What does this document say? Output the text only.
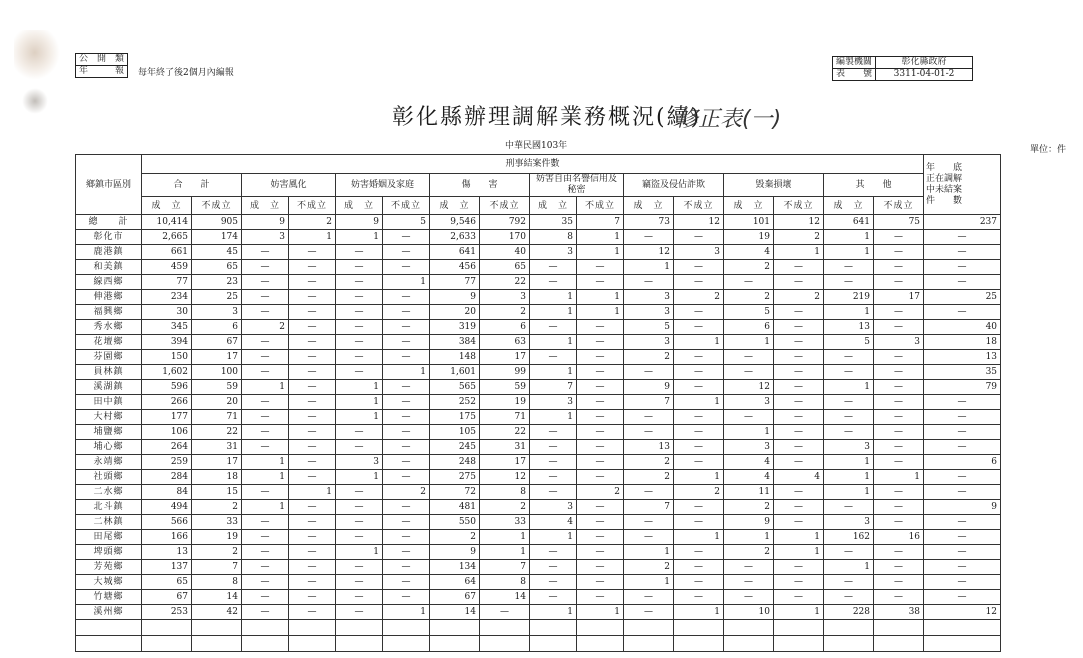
公　開　類
年　　　報 每年終了後2個月內編報
編製機關	彰化縣政府
表　　號	3311-04-01-2
彰化縣辦理調解業務概況(續)
修正表(一)
中華民國103年	單位：件
鄉鎮市區別	刑事結案件數																年　　底
正在調解
中未結案
件　　數
	合　　計		妨害風化		妨害婚姻及家庭		傷　　害		妨害自由名譽信用及秘密		竊盜及侵佔詐欺		毀棄損壞		其　　他		
	成　立	不成立	成　立	不成立	成　立	不成立	成　立	不成立	成　立	不成立	成　立	不成立	成　立	不成立	成　立	不成立	
總　　計	10,414	905	9	2	9	5	9,546	792	35	7	73	12	101	12	641	75	237
彰化市	2,665	174	3	1	1	—	2,633	170	8	1	—	—	19	2	1	—	—
鹿港鎮	661	45	—	—	—	—	641	40	3	1	12	3	4	1	1	—	—
和美鎮	459	65	—	—	—	—	456	65	—	—	1	—	2	—	—	—	—
線西鄉	77	23	—	—	—	1	77	22	—	—	—	—	—	—	—	—	—
伸港鄉	234	25	—	—	—	—	9	3	1	1	3	2	2	2	219	17	25
福興鄉	30	3	—	—	—	—	20	2	1	1	3	—	5	—	1	—	—
秀水鄉	345	6	2	—	—	—	319	6	—	—	5	—	6	—	13	—	40
花壇鄉	394	67	—	—	—	—	384	63	1	—	3	1	1	—	5	3	18
芬園鄉	150	17	—	—	—	—	148	17	—	—	2	—	—	—	—	—	13
員林鎮	1,602	100	—	—	—	1	1,601	99	1	—	—	—	—	—	—	—	35
溪湖鎮	596	59	1	—	1	—	565	59	7	—	9	—	12	—	1	—	79
田中鎮	266	20	—	—	1	—	252	19	3	—	7	1	3	—	—	—	—
大村鄉	177	71	—	—	1	—	175	71	1	—	—	—	—	—	—	—	—
埔鹽鄉	106	22	—	—	—	—	105	22	—	—	—	—	1	—	—	—	—
埔心鄉	264	31	—	—	—	—	245	31	—	—	13	—	3	—	3	—	—
永靖鄉	259	17	1	—	3	—	248	17	—	—	2	—	4	—	1	—	6
社頭鄉	284	18	1	—	1	—	275	12	—	—	2	1	4	4	1	1	—
二水鄉	84	15	—	1	—	2	72	8	—	2	—	2	11	—	1	—	—
北斗鎮	494	2	1	—	—	—	481	2	3	—	7	—	2	—	—	—	9
二林鎮	566	33	—	—	—	—	550	33	4	—	—	—	9	—	3	—	—
田尾鄉	166	19	—	—	—	—	2	1	1	—	—	1	1	1	162	16	—
埤頭鄉	13	2	—	—	1	—	9	1	—	—	1	—	2	1	—	—	—
芳苑鄉	137	7	—	—	—	—	134	7	—	—	2	—	—	—	1	—	—
大城鄉	65	8	—	—	—	—	64	8	—	—	1	—	—	—	—	—	—
竹塘鄉	67	14	—	—	—	—	67	14	—	—	—	—	—	—	—	—	—
溪州鄉	253	42	—	—	—	1	14	—	1	1	—	1	10	1	228	38	12
